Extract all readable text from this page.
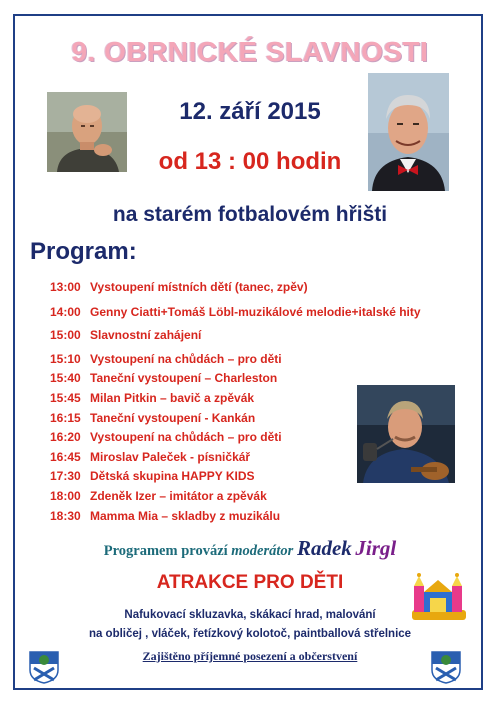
9. OBRNICKÉ SLAVNOSTI
12. září 2015
od 13 : 00 hodin
na starém fotbalovém hřišti
Program:
13:00 Vystoupení místních dětí (tanec, zpěv)
14:00 Genny Ciatti+Tomáš Löbl-muzikálové melodie+italské hity
15:00 Slavnostní zahájení
15:10 Vystoupení na chůdách – pro děti
15:40 Taneční vystoupení – Charleston
15:45 Milan Pitkin – bavič a zpěvák
16:15 Taneční vystoupení - Kankán
16:20 Vystoupení na chůdách – pro děti
16:45 Miroslav Paleček - písničkář
17:30 Dětská skupina HAPPY KIDS
18:00 Zdeněk Izer – imitátor a zpěvák
18:30 Mamma Mia – skladby z muzikálu
Programem provází moderátor Radek Jirgl
ATRAKCE PRO DĚTI
Nafukovací skluzavka, skákací hrad, malování
na obličej , vláček, řetízkový kolotoč, paintballová střelnice
Zajištěno příjemné posezení a občerstvení
